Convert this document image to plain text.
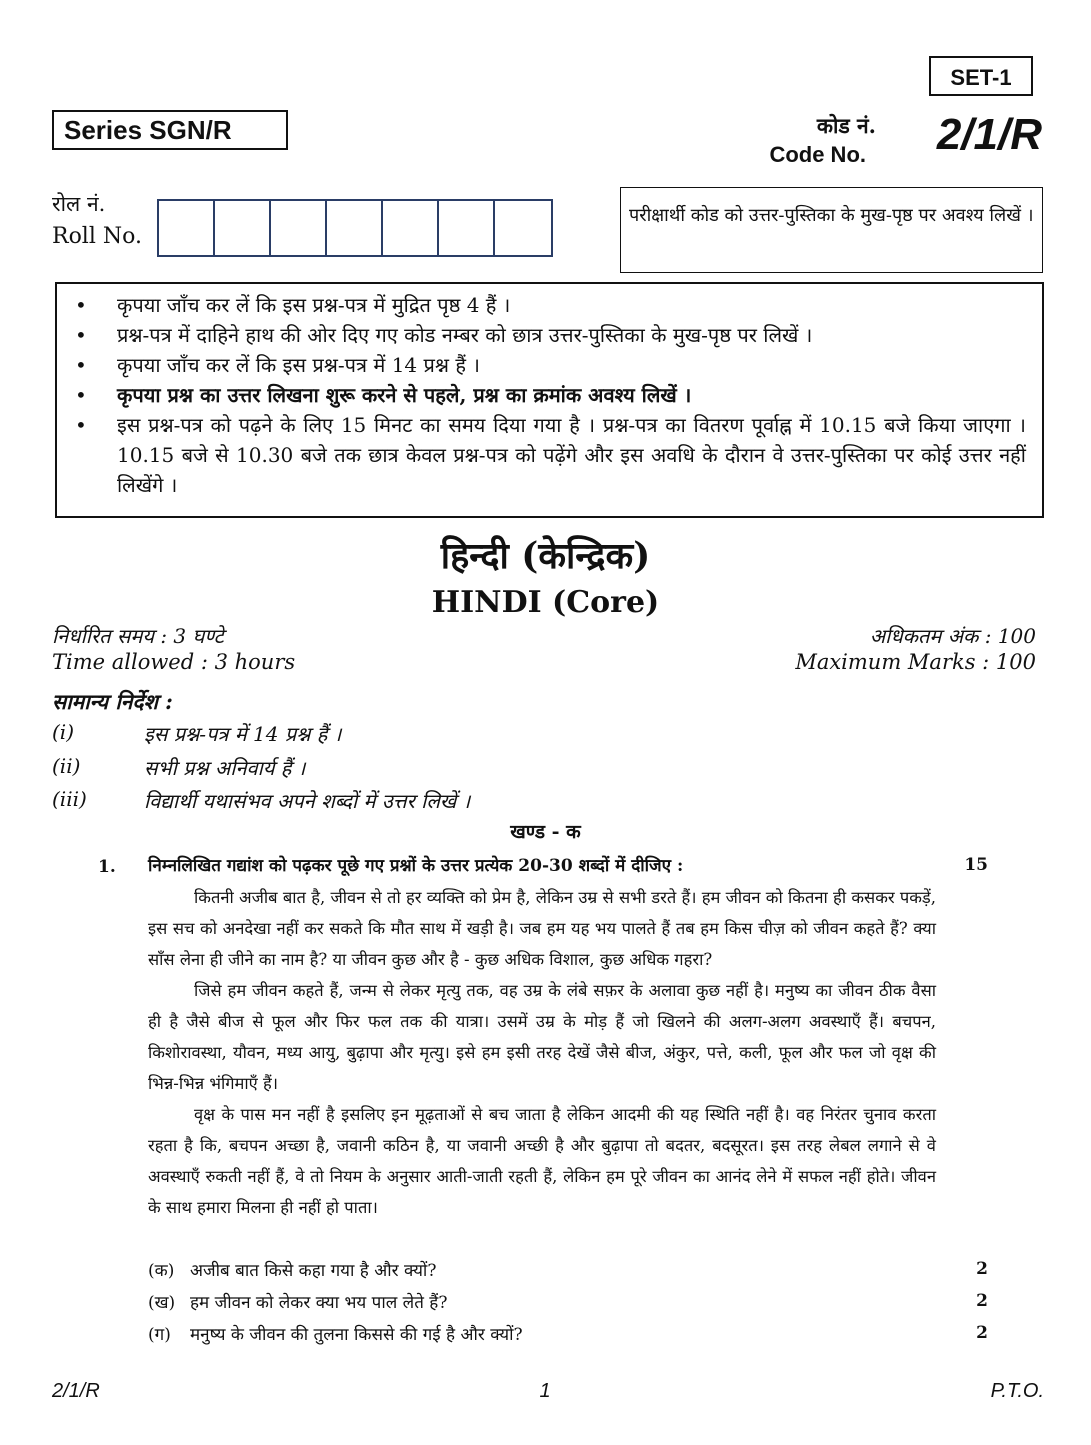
SET-1
Series SGN/R	कोड नं.
Code No.	2/1/R
रोल नं.
Roll No.
परीक्षार्थी कोड को उत्तर-पुस्तिका के मुख-पृष्ठ पर अवश्य लिखें ।
•	कृपया जाँच कर लें कि इस प्रश्न-पत्र में मुद्रित पृष्ठ 4 हैं ।
•	प्रश्न-पत्र में दाहिने हाथ की ओर दिए गए कोड नम्बर को छात्र उत्तर-पुस्तिका के मुख-पृष्ठ पर लिखें ।
•	कृपया जाँच कर लें कि इस प्रश्न-पत्र में 14 प्रश्न हैं ।
•	कृपया प्रश्न का उत्तर लिखना शुरू करने से पहले, प्रश्न का क्रमांक अवश्य लिखें ।
•	इस प्रश्न-पत्र को पढ़ने के लिए 15 मिनट का समय दिया गया है । प्रश्न-पत्र का वितरण पूर्वाह्न में 10.15 बजे किया जाएगा । 10.15 बजे से 10.30 बजे तक छात्र केवल प्रश्न-पत्र को पढ़ेंगे और इस अवधि के दौरान वे उत्तर-पुस्तिका पर कोई उत्तर नहीं लिखेंगे ।
हिन्दी (केन्द्रिक)
HINDI (Core)
निर्धारित समय : 3 घण्टे
Time allowed : 3 hours
अधिकतम अंक : 100
Maximum Marks : 100
सामान्य निर्देश :
(i)	इस प्रश्न-पत्र में 14 प्रश्न हैं ।
(ii)	सभी प्रश्न अनिवार्य हैं ।
(iii)	विद्यार्थी यथासंभव अपने शब्दों में उत्तर लिखें ।
खण्ड - क
1. निम्नलिखित गद्यांश को पढ़कर पूछे गए प्रश्नों के उत्तर प्रत्येक 20-30 शब्दों में दीजिए :	15

कितनी अजीब बात है, जीवन से तो हर व्यक्ति को प्रेम है, लेकिन उम्र से सभी डरते हैं। हम जीवन को कितना ही कसकर पकड़ें, इस सच को अनदेखा नहीं कर सकते कि मौत साथ में खड़ी है। जब हम यह भय पालते हैं तब हम किस चीज़ को जीवन कहते हैं? क्या साँस लेना ही जीने का नाम है? या जीवन कुछ और है - कुछ अधिक विशाल, कुछ अधिक गहरा?

जिसे हम जीवन कहते हैं, जन्म से लेकर मृत्यु तक, वह उम्र के लंबे सफ़र के अलावा कुछ नहीं है। मनुष्य का जीवन ठीक वैसा ही है जैसे बीज से फूल और फिर फल तक की यात्रा। उसमें उम्र के मोड़ हैं जो खिलने की अलग-अलग अवस्थाएँ हैं। बचपन, किशोरावस्था, यौवन, मध्य आयु, बुढ़ापा और मृत्यु। इसे हम इसी तरह देखें जैसे बीज, अंकुर, पत्ते, कली, फूल और फल जो वृक्ष की भिन्न-भिन्न भंगिमाएँ हैं।

वृक्ष के पास मन नहीं है इसलिए इन मूढ़ताओं से बच जाता है लेकिन आदमी की यह स्थिति नहीं है। वह निरंतर चुनाव करता रहता है कि, बचपन अच्छा है, जवानी कठिन है, या जवानी अच्छी है और बुढ़ापा तो बदतर, बदसूरत। इस तरह लेबल लगाने से वे अवस्थाएँ रुकती नहीं हैं, वे तो नियम के अनुसार आती-जाती रहती हैं, लेकिन हम पूरे जीवन का आनंद लेने में सफल नहीं होते। जीवन के साथ हमारा मिलना ही नहीं हो पाता।

(क) अजीब बात किसे कहा गया है और क्यों?	2
(ख) हम जीवन को लेकर क्या भय पाल लेते हैं?	2
(ग)	मनुष्य के जीवन की तुलना किससे की गई है और क्यों?	2
2/1/R	1	P.T.O.
